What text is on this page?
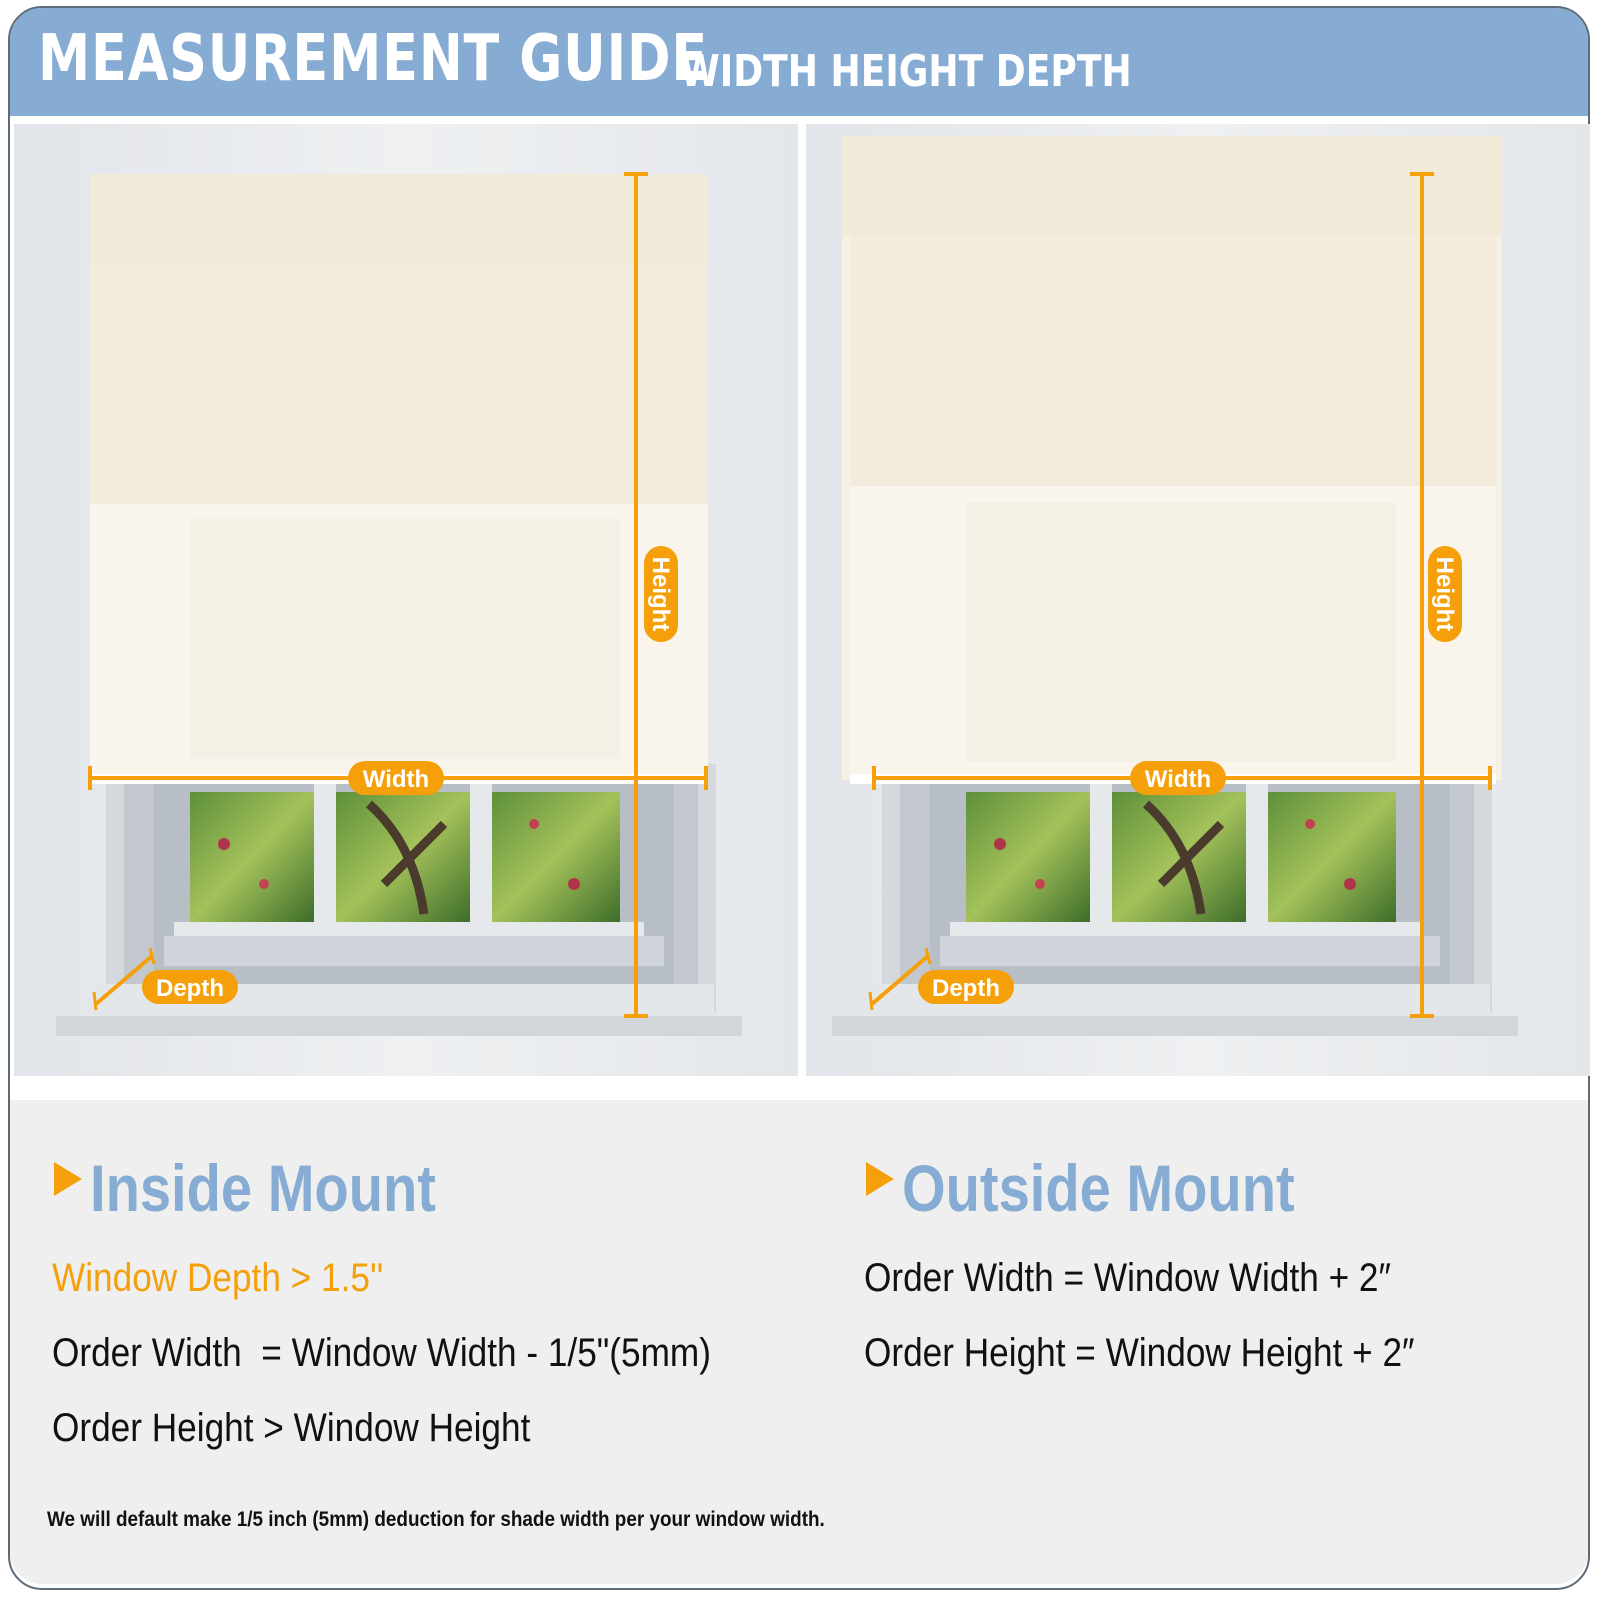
MEASUREMENT GUIDE
WIDTH HEIGHT DEPTH
Height
Width
Depth
Height
Width
Depth
Inside Mount
Window Depth > 1.5''
Order Width  = Window Width - 1/5"(5mm)
Order Height > Window Height
Outside Mount
Order Width = Window Width + 2″
Order Height = Window Height + 2″
We will default make 1/5 inch (5mm) deduction for shade width per your window width.
